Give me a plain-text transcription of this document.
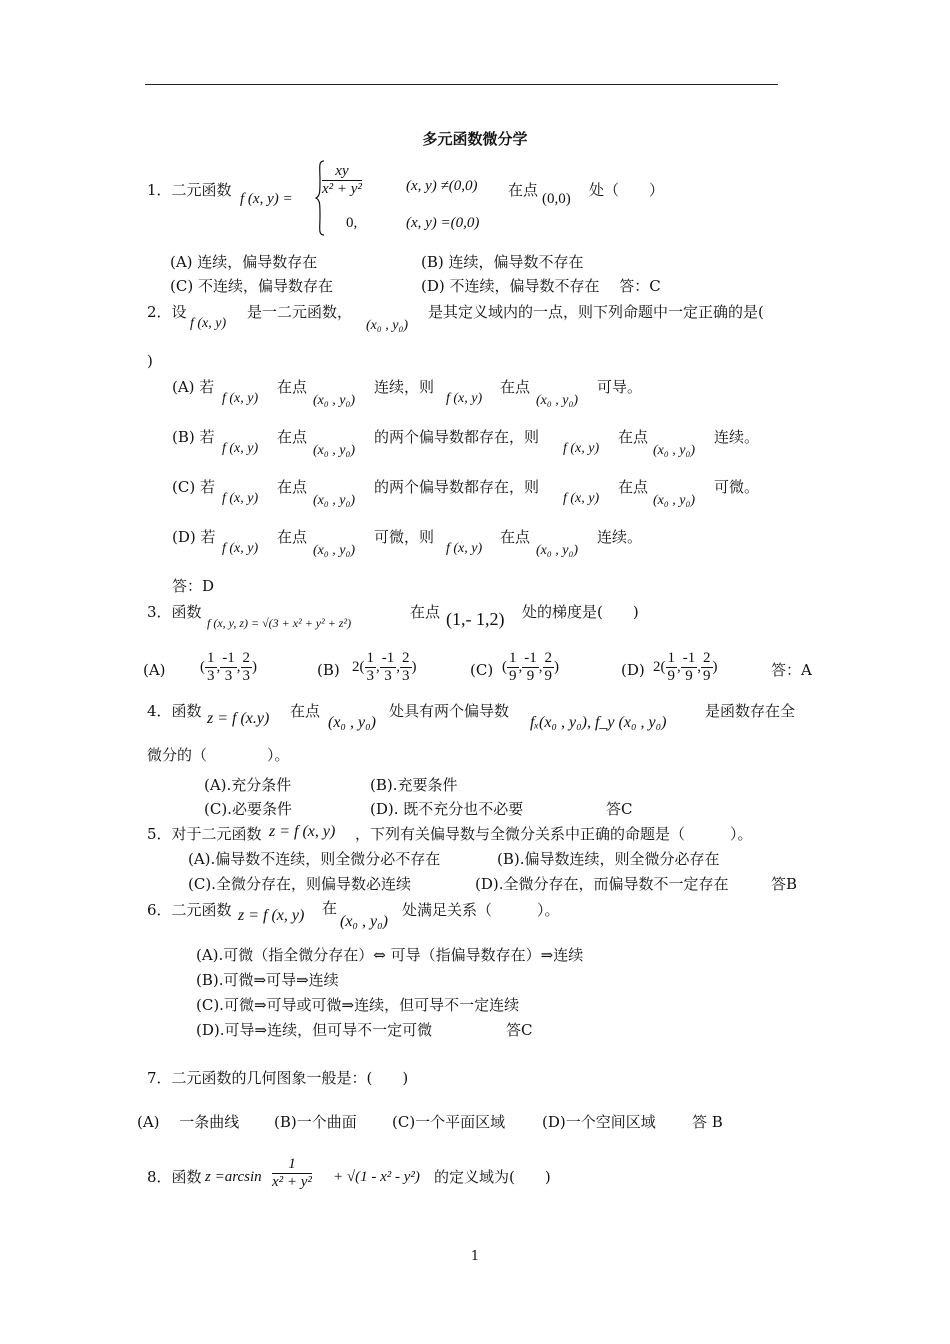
多元函数微分学
1．二元函数 f (x, y) =
$\frac{xy}{\text{x² + y²}}$	(x, y) ≠(0,0)
0,	(x, y) =(0,0)
在点 (0,0) 处（　　）
(A) 连续，偏导数存在	(B) 连续，偏导数不存在
(C) 不连续，偏导数存在	(D) 不连续，偏导数不存在　 答：C
2．设
f (x, y)
是一二元函数，
(x₀ , y₀)
是其定义域内的一点，则下列命题中一定正确的是(
)
(A) 若
f (x, y)
在点
(x₀ , y₀)
连续，则
f (x, y)
在点
(x₀ , y₀)
可导。
(B) 若
f (x, y)
在点
(x₀ , y₀)
的两个偏导数都存在，则
f (x, y)
在点
(x₀ , y₀)
连续。
(C) 若
f (x, y)
在点
(x₀ , y₀)
的两个偏导数都存在，则
f (x, y)
在点
(x₀ , y₀)
可微。
(D) 若
f (x, y)
在点
(x₀ , y₀)
可微，则
f (x, y)
在点
(x₀ , y₀)
连续。
答：D
3．函数
f (x, y, z) = √(3 + x² + y² + z²)
在点 (1,- 1,2) 处的梯度是(　　)
(A) ( $\frac{1}{3}$ , $\frac{-1}{3}$ , $\frac{2}{3}$ )	(B) $2( \frac{1}{3}$ , $\frac{-1}{3}$ , $\frac{2}{3}$ )	(C) ( $\frac{1}{9}$ , $\frac{-1}{9}$ , $\frac{2}{9}$ )	(D) $2( \frac{1}{9}$ , $\frac{-1}{9}$ , $\frac{2}{9}$ )	答：A
4．函数 z = f (x.y) 在点
(x₀ , y₀)
处具有两个偏导数
fₓ(x₀ , y₀), f_y (x₀ , y₀)
是函数存在全
微分的（　　　　）。
(A).充分条件	(B).充要条件
(C).必要条件	(D). 既不充分也不必要	答C
5．对于二元函数 z = f (x, y) ，下列有关偏导数与全微分关系中正确的命题是（　　　）。
(A).偏导数不连续，则全微分必不存在	(B).偏导数连续，则全微分必存在
(C).全微分存在，则偏导数必连续	(D).全微分存在，而偏导数不一定存在	答B
6．二元函数 z = f (x, y) 在
(x₀ , y₀)
处满足关系（　　　）。
(A).可微（指全微分存在）⇔ 可导（指偏导数存在）⇒连续
(B).可微⇒可导⇒连续
(C).可微⇒可导或可微⇒连续，但可导不一定连续
(D).可导⇒连续，但可导不一定可微	答C
7．二元函数的几何图象一般是：(　　)
(A)　 一条曲线 (B)一个曲面 (C)一个平面区域 (D)一个空间区域 答 B
8．函数 $z =\arcsin \frac{1}{\text{x² + y²}} + √(1 - x^2 - y^2)$ 的定义域为(　　)
1
